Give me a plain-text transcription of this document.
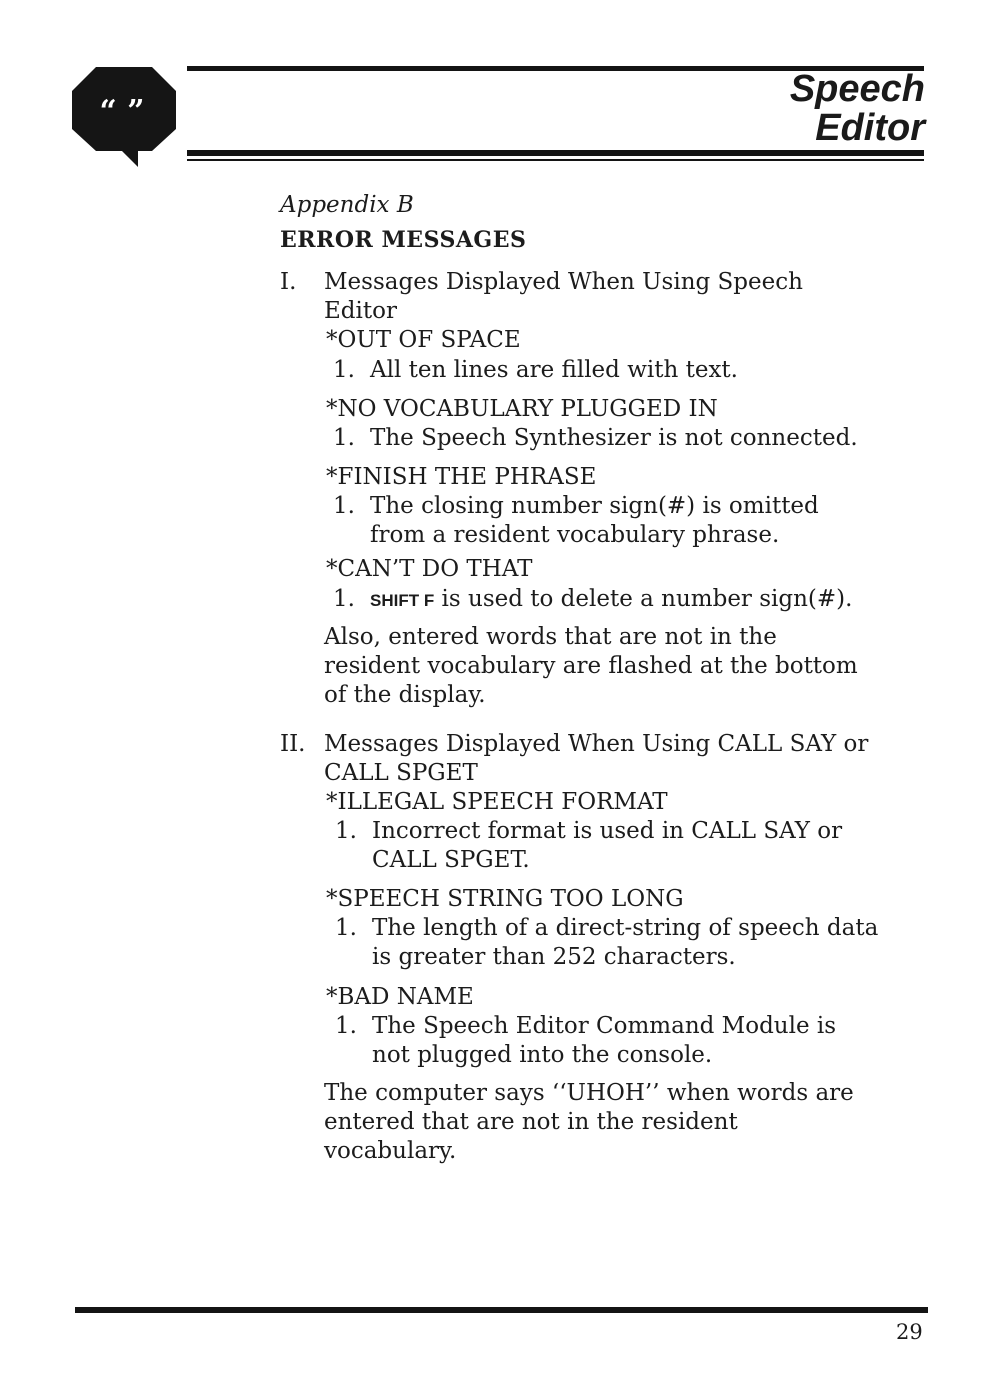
“ ”
Speech
Editor
Appendix B
ERROR MESSAGES
I. Messages Displayed When Using Speech
Editor
*OUT OF SPACE
1. All ten lines are filled with text.
*NO VOCABULARY PLUGGED IN
1. The Speech Synthesizer is not connected.
*FINISH THE PHRASE
1. The closing number sign(#) is omitted
from a resident vocabulary phrase.
*CAN’T DO THAT
1. SHIFT F is used to delete a number sign(#).
Also, entered words that are not in the
resident vocabulary are flashed at the bottom
of the display.
II. Messages Displayed When Using CALL SAY or
CALL SPGET
*ILLEGAL SPEECH FORMAT
1. Incorrect format is used in CALL SAY or
CALL SPGET.
*SPEECH STRING TOO LONG
1. The length of a direct-string of speech data
is greater than 252 characters.
*BAD NAME
1. The Speech Editor Command Module is
not plugged into the console.
The computer says ‘‘UHOH’’ when words are
entered that are not in the resident
vocabulary.
29
